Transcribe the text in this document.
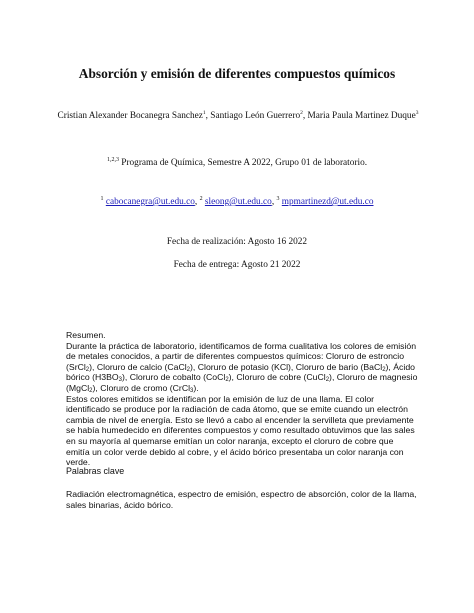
Absorción y emisión de diferentes compuestos químicos
Cristian Alexander Bocanegra Sanchez$^1$, Santiago León Guerrero$^2$, Maria Paula Martinez Duque$^3$
$^{1,2,3}$ Programa de Química, Semestre A 2022, Grupo 01 de laboratorio.
$^1$ cabocanegra@ut.edu.co, $^2$ sleong@ut.edu.co, $^3$ mpmartinezd@ut.edu.co
Fecha de realización: Agosto 16 2022
Fecha de entrega: Agosto 21 2022

Resumen.

Durante la práctica de laboratorio, identificamos de forma cualitativa los colores de emisión de metales conocidos, a partir de diferentes compuestos químicos: Cloruro de estroncio (SrCl$_2$), Cloruro de calcio (CaCl$_2$), Cloruro de potasio (KCl), Cloruro de bario (BaCl$_2$), Ácido bórico $(H3BO_3)$, Cloruro de cobalto (CoCl$_2$), Cloruro de cobre (CuCl$_2$), Cloruro de magnesio (MgCl$_2$), Cloruro de cromo (CrCl$_3$).

Estos colores emitidos se identifican por la emisión de luz de una llama. El color identificado se produce por la radiación de cada átomo, que se emite cuando un electrón cambia de nivel de energía. Esto se llevó a cabo al encender la servilleta que previamente se había humedecido en diferentes compuestos y como resultado obtuvimos que las sales en su mayoría al quemarse emitían un color naranja, excepto el cloruro de cobre que emitía un color verde debido al cobre, y el ácido bórico presentaba un color naranja con verde.

Palabras clave
Radiación electromagnética, espectro de emisión, espectro de absorción, color de la llama, sales binarias, ácido bórico.
